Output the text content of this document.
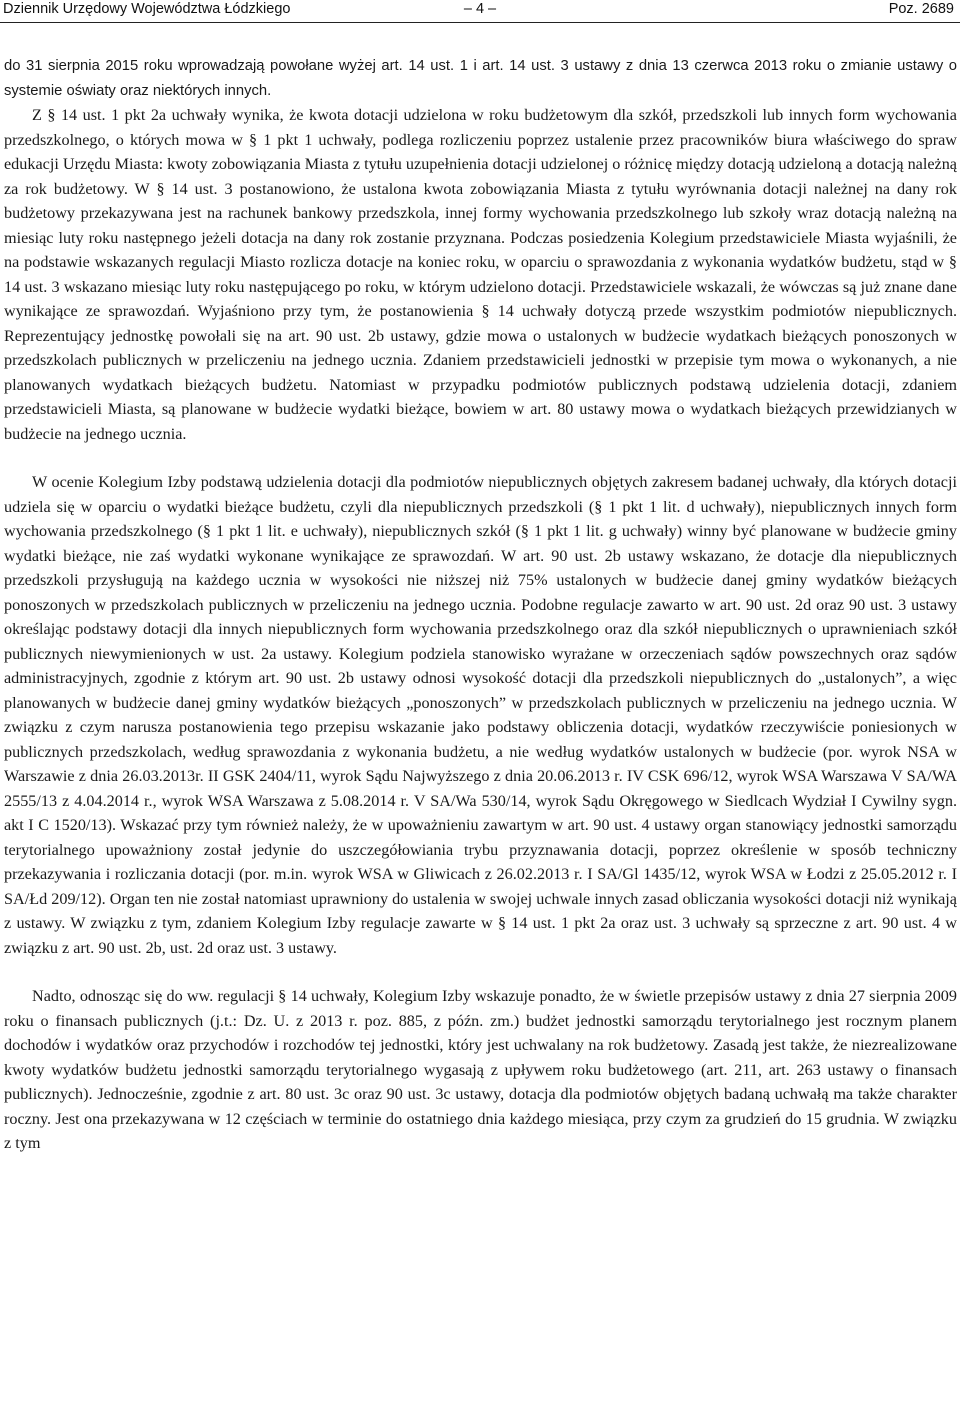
Dziennik Urzędowy Województwa Łódzkiego	– 4 –	Poz. 2689

do 31 sierpnia 2015 roku wprowadzają powołane wyżej art. 14 ust. 1 i art. 14 ust. 3 ustawy z dnia 13 czerwca 2013 roku o zmianie ustawy o systemie oświaty oraz niektórych innych.

Z § 14 ust. 1 pkt 2a uchwały wynika, że kwota dotacji udzielona w roku budżetowym dla szkół, przedszkoli lub innych form wychowania przedszkolnego, o których mowa w § 1 pkt 1 uchwały, podlega rozliczeniu poprzez ustalenie przez pracowników biura właściwego do spraw edukacji Urzędu Miasta: kwoty zobowiązania Miasta z tytułu uzupełnienia dotacji udzielonej o różnicę między dotacją udzieloną a dotacją należną za rok budżetowy. W § 14 ust. 3 postanowiono, że ustalona kwota zobowiązania Miasta z tytułu wyrównania dotacji należnej na dany rok budżetowy przekazywana jest na rachunek bankowy przedszkola, innej formy wychowania przedszkolnego lub szkoły wraz dotacją należną na miesiąc luty roku następnego jeżeli dotacja na dany rok zostanie przyznana. Podczas posiedzenia Kolegium przedstawiciele Miasta wyjaśnili, że na podstawie wskazanych regulacji Miasto rozlicza dotacje na koniec roku, w oparciu o sprawozdania z wykonania wydatków budżetu, stąd w § 14 ust. 3 wskazano miesiąc luty roku następującego po roku, w którym udzielono dotacji. Przedstawiciele wskazali, że wówczas są już znane dane wynikające ze sprawozdań. Wyjaśniono przy tym, że postanowienia § 14 uchwały dotyczą przede wszystkim podmiotów niepublicznych. Reprezentujący jednostkę powołali się na art. 90 ust. 2b ustawy, gdzie mowa o ustalonych w budżecie wydatkach bieżących ponoszonych w przedszkolach publicznych w przeliczeniu na jednego ucznia. Zdaniem przedstawicieli jednostki w przepisie tym mowa o wykonanych, a nie planowanych wydatkach bieżących budżetu. Natomiast w przypadku podmiotów publicznych podstawą udzielenia dotacji, zdaniem przedstawicieli Miasta, są planowane w budżecie wydatki bieżące, bowiem w art. 80 ustawy mowa o wydatkach bieżących przewidzianych w budżecie na jednego ucznia.

W ocenie Kolegium Izby podstawą udzielenia dotacji dla podmiotów niepublicznych objętych zakresem badanej uchwały, dla których dotacji udziela się w oparciu o wydatki bieżące budżetu, czyli dla niepublicznych przedszkoli (§ 1 pkt 1 lit. d uchwały), niepublicznych innych form wychowania przedszkolnego (§ 1 pkt 1 lit. e uchwały), niepublicznych szkół (§ 1 pkt 1 lit. g uchwały) winny być planowane w budżecie gminy wydatki bieżące, nie zaś wydatki wykonane wynikające ze sprawozdań. W art. 90 ust. 2b ustawy wskazano, że dotacje dla niepublicznych przedszkoli przysługują na każdego ucznia w wysokości nie niższej niż 75% ustalonych w budżecie danej gminy wydatków bieżących ponoszonych w przedszkolach publicznych w przeliczeniu na jednego ucznia. Podobne regulacje zawarto w art. 90 ust. 2d oraz 90 ust. 3 ustawy określając podstawy dotacji dla innych niepublicznych form wychowania przedszkolnego oraz dla szkół niepublicznych o uprawnieniach szkół publicznych niewymienionych w ust. 2a ustawy. Kolegium podziela stanowisko wyrażane w orzeczeniach sądów powszechnych oraz sądów administracyjnych, zgodnie z którym art. 90 ust. 2b ustawy odnosi wysokość dotacji dla przedszkoli niepublicznych do „ustalonych”, a więc planowanych w budżecie danej gminy wydatków bieżących „ponoszonych” w przedszkolach publicznych w przeliczeniu na jednego ucznia. W związku z czym narusza postanowienia tego przepisu wskazanie jako podstawy obliczenia dotacji, wydatków rzeczywiście poniesionych w publicznych przedszkolach, według sprawozdania z wykonania budżetu, a nie według wydatków ustalonych w budżecie (por. wyrok NSA w Warszawie z dnia 26.03.2013r. II GSK 2404/11, wyrok Sądu Najwyższego z dnia 20.06.2013 r. IV CSK 696/12, wyrok WSA Warszawa V SA/WA 2555/13 z 4.04.2014 r., wyrok WSA Warszawa z 5.08.2014 r. V SA/Wa 530/14, wyrok Sądu Okręgowego w Siedlcach Wydział I Cywilny sygn. akt I C 1520/13). Wskazać przy tym również należy, że w upoważnieniu zawartym w art. 90 ust. 4 ustawy organ stanowiący jednostki samorządu terytorialnego upoważniony został jedynie do uszczegółowiania trybu przyznawania dotacji, poprzez określenie w sposób techniczny przekazywania i rozliczania dotacji (por. m.in. wyrok WSA w Gliwicach z 26.02.2013 r. I SA/Gl 1435/12, wyrok WSA w Łodzi z 25.05.2012 r. I SA/Łd 209/12). Organ ten nie został natomiast uprawniony do ustalenia w swojej uchwale innych zasad obliczania wysokości dotacji niż wynikają z ustawy. W związku z tym, zdaniem Kolegium Izby regulacje zawarte w § 14 ust. 1 pkt 2a oraz ust. 3 uchwały są sprzeczne z art. 90 ust. 4 w związku z art. 90 ust. 2b, ust. 2d oraz ust. 3 ustawy.

Nadto, odnosząc się do ww. regulacji § 14 uchwały, Kolegium Izby wskazuje ponadto, że w świetle przepisów ustawy z dnia 27 sierpnia 2009 roku o finansach publicznych (j.t.: Dz. U. z 2013 r. poz. 885, z późn. zm.) budżet jednostki samorządu terytorialnego jest rocznym planem dochodów i wydatków oraz przychodów i rozchodów tej jednostki, który jest uchwalany na rok budżetowy. Zasadą jest także, że niezrealizowane kwoty wydatków budżetu jednostki samorządu terytorialnego wygasają z upływem roku budżetowego (art. 211, art. 263 ustawy o finansach publicznych). Jednocześnie, zgodnie z art. 80 ust. 3c oraz 90 ust. 3c ustawy, dotacja dla podmiotów objętych badaną uchwałą ma także charakter roczny. Jest ona przekazywana w 12 częściach w terminie do ostatniego dnia każdego miesiąca, przy czym za grudzień do 15 grudnia. W związku z tym
